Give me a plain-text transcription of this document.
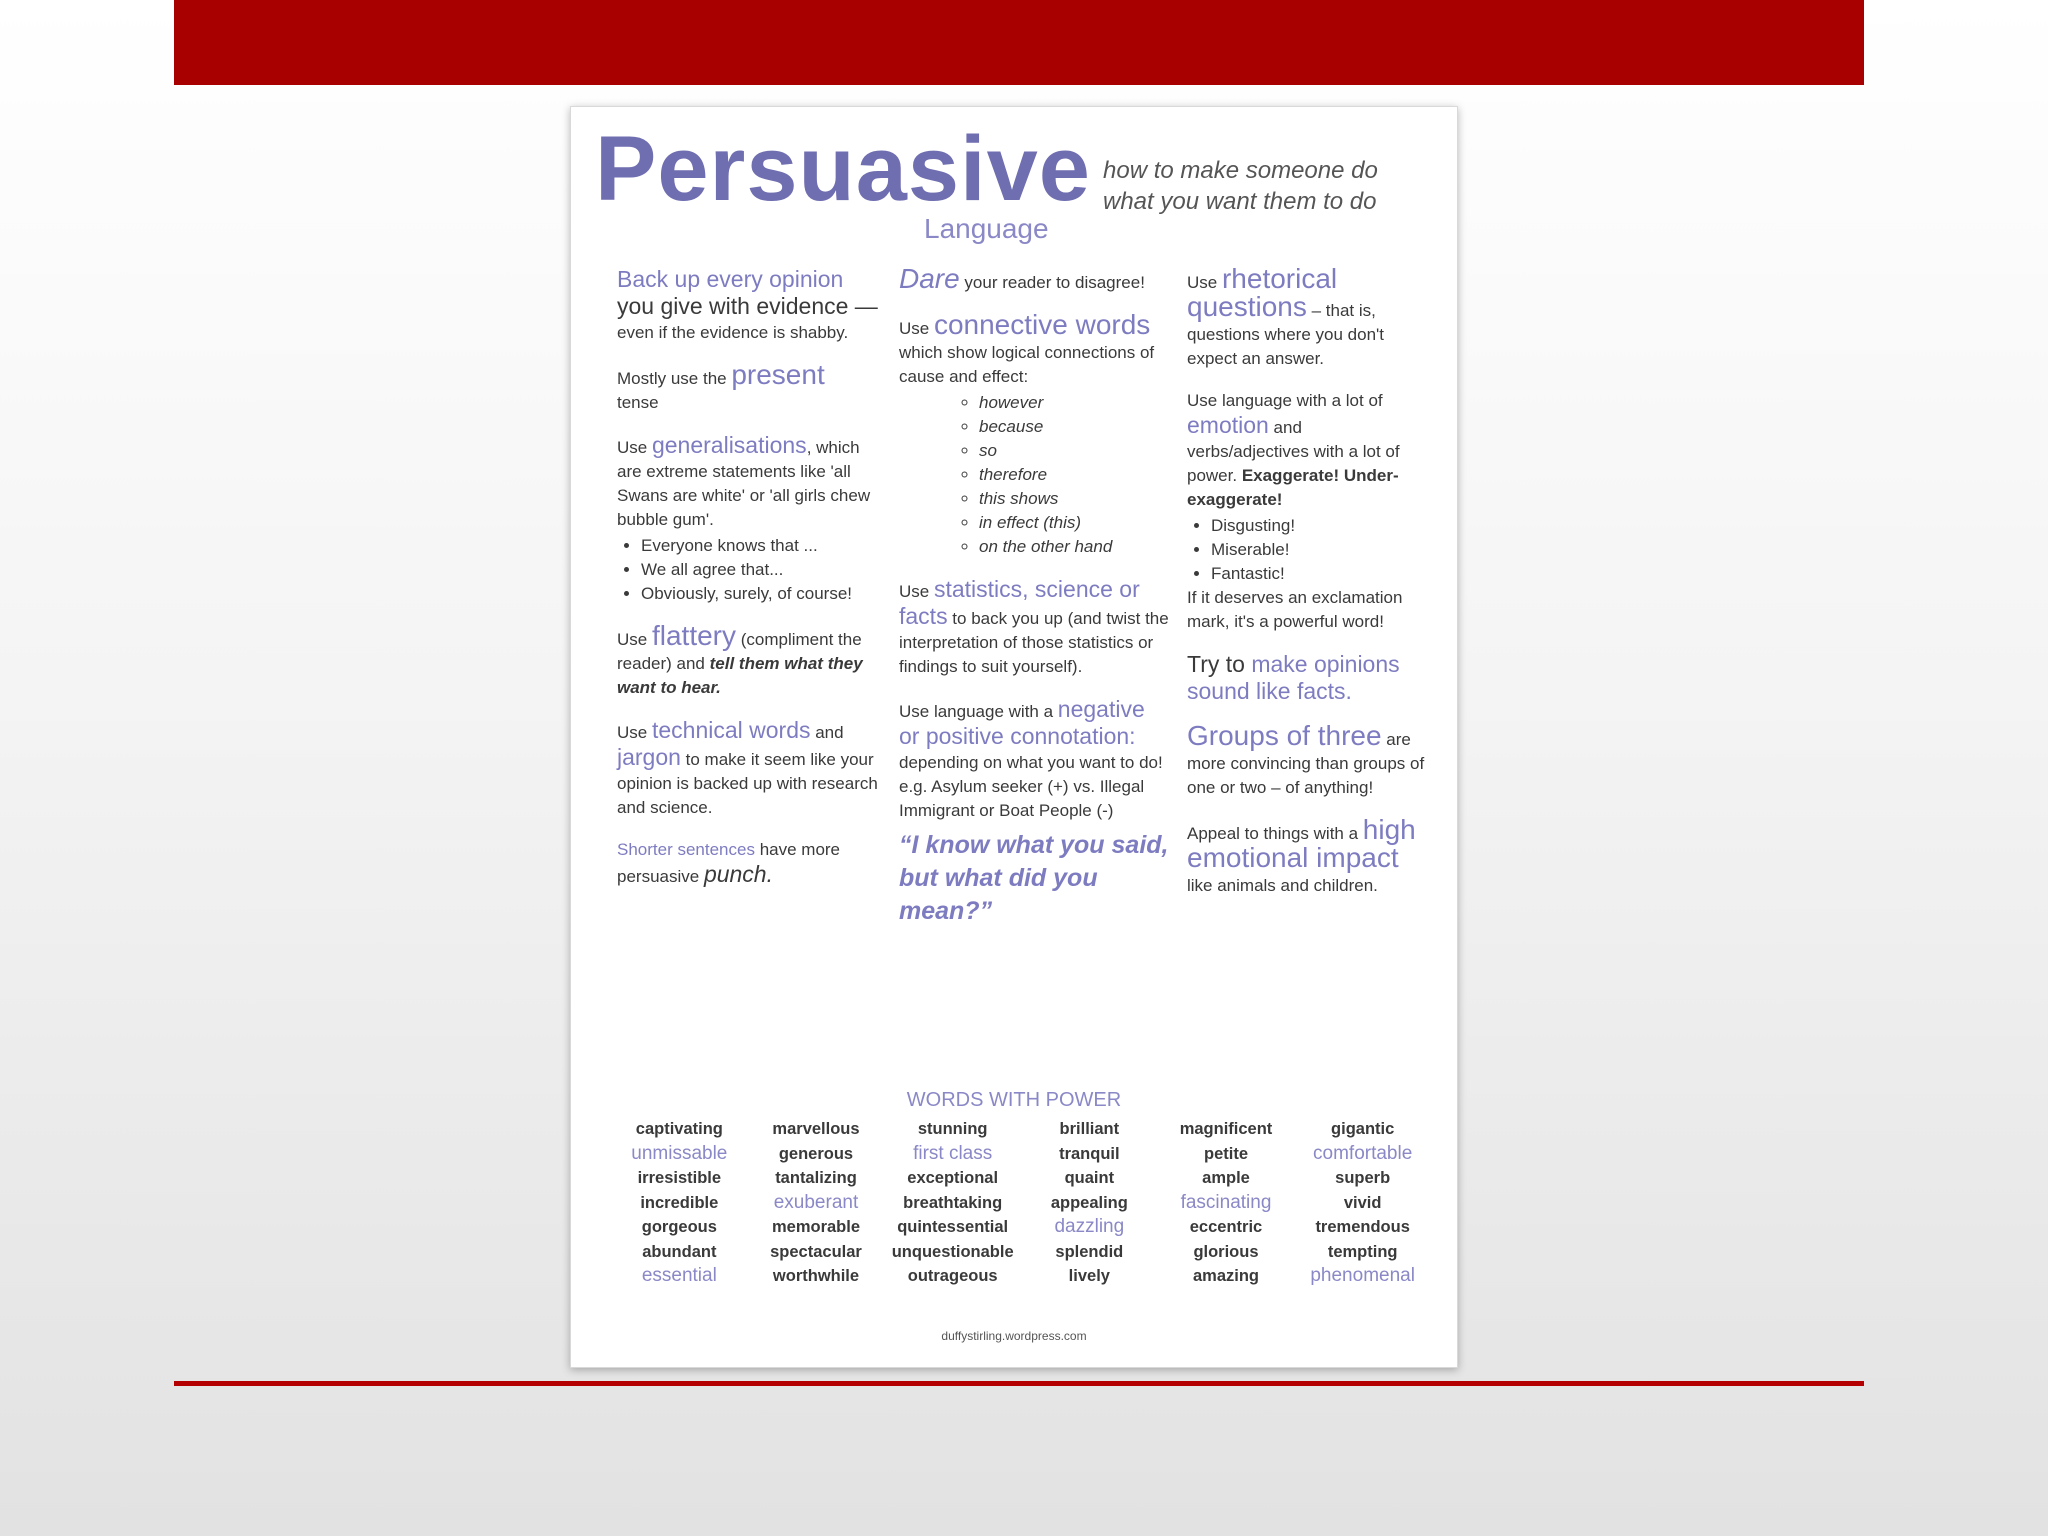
Persuasive how to make someone do
what you want them to do
Language
Back up every opinion
you give with evidence —
even if the evidence is shabby.
Mostly use the present
tense
Use generalisations, which are extreme statements like 'all Swans are white' or 'all girls chew bubble gum'.
• Everyone knows that ...
• We all agree that...
• Obviously, surely, of course!
Use flattery (compliment the reader) and tell them what they want to hear.
Use technical words and jargon to make it seem like your opinion is backed up with research and science.
Shorter sentences have more persuasive punch.
Dare your reader to disagree!
Use connective words which show logical connections of cause and effect:
◦ however
◦ because
◦ so
◦ therefore
◦ this shows
◦ in effect (this)
◦ on the other hand
Use statistics, science or facts to back you up (and twist the interpretation of those statistics or findings to suit yourself).
Use language with a negative or positive connotation: depending on what you want to do! e.g. Asylum seeker (+) vs. Illegal Immigrant or Boat People (-)
“I know what you said, but what did you mean?”
Use rhetorical questions – that is, questions where you don't expect an answer.
Use language with a lot of emotion and verbs/adjectives with a lot of power. Exaggerate! Under-exaggerate!
• Disgusting!
• Miserable!
• Fantastic!
If it deserves an exclamation mark, it's a powerful word!
Try to make opinions sound like facts.
Groups of three are more convincing than groups of one or two – of anything!
Appeal to things with a high emotional impact like animals and children.
WORDS WITH POWER
captivating
unmissable
irresistible
incredible
gorgeous
abundant
essential
marvellous
generous
tantalizing
exuberant
memorable
spectacular
worthwhile
stunning
first class
exceptional
breathtaking
quintessential
unquestionable
outrageous
brilliant
tranquil
quaint
appealing
dazzling
splendid
lively
magnificent
petite
ample
fascinating
eccentric
glorious
amazing
gigantic
comfortable
superb
vivid
tremendous
tempting
phenomenal
duffystirling.wordpress.com
